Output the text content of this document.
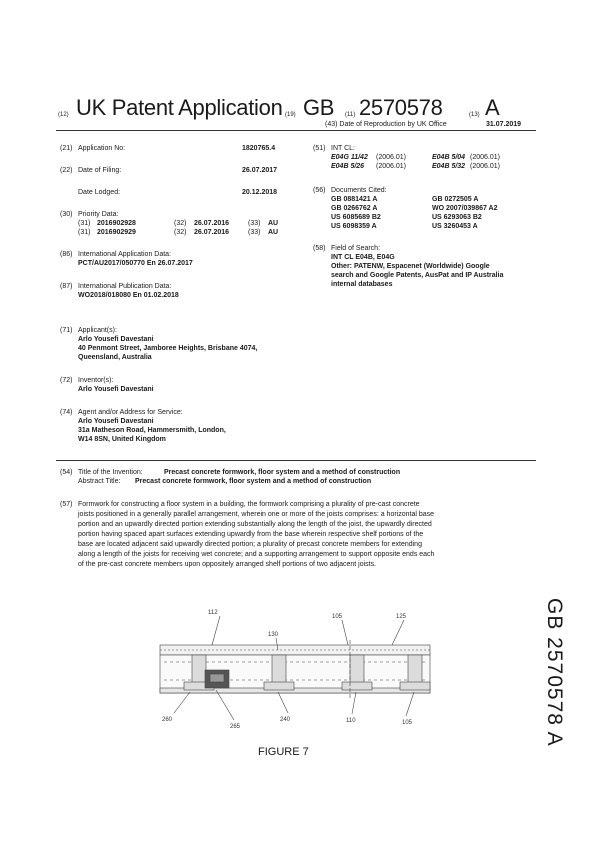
(12) UK Patent Application (19) GB (11) 2570578	(13) A
(43) Date of Reproduction by UK Office	31.07.2019
(21) Application No:	1820765.4
(22) Date of Filing:	26.07.2017
Date Lodged:	20.12.2018
(30) Priority Data:
(31) 2016902928	(32) 26.07.2016	(33) AU
(31) 2016902929	(32) 26.07.2016	(33) AU
(86) International Application Data:
PCT/AU2017/050770 En 26.07.2017
(87) International Publication Data:
WO2018/018080 En 01.02.2018
(71) Applicant(s):
Arlo Yousefi Davestani
40 Penmont Street, Jamboree Heights, Brisbane 4074,
Queensland, Australia
(72) Inventor(s):
Arlo Yousefi Davestani
(74) Agent and/or Address for Service:
Arlo Yousefi Davestani
31a Matheson Road, Hammersmith, London,
W14 8SN, United Kingdom
(51) INT CL:
E04G 11/42 (2006.01)	E04B 5/04 (2006.01)
E04B 5/26 (2006.01)	E04B 5/32 (2006.01)
(56) Documents Cited:
GB 0881421 A	GB 0272505 A
GB 0266762 A	WO 2007/039867 A2
US 6085689 B2	US 6293063 B2
US 6098359 A	US 3260453 A
(58) Field of Search:
INT CL E04B, E04G
Other: PATENW, Espacenet (Worldwide) Google
search and Google Patents, AusPat and IP Australia
internal databases
(54) Title of the Invention:	Precast concrete formwork, floor system and a method of construction
Abstract Title: Precast concrete formwork, floor system and a method of construction
(57) Formwork for constructing a floor system in a building, the formwork comprising a plurality of pre-cast concrete
joists positioned in a generally parallel arrangement, wherein one or more of the joists comprises: a horizontal base
portion and an upwardly directed portion extending substantially along the length of the joist, the upwardly directed
portion having spaced apart surfaces extending upwardly from the base wherein respective shelf portions of the
base are located adjacent said upwardly directed portion; a plurality of precast concrete members for extending
along a length of the joists for receiving wet concrete; and a supporting arrangement to support opposite ends each
of the pre-cast concrete members upon oppositely arranged shelf portions of two adjacent joists.
112
130
105	125
260
265
240	110	105
FIGURE 7
GB 2570578 A
